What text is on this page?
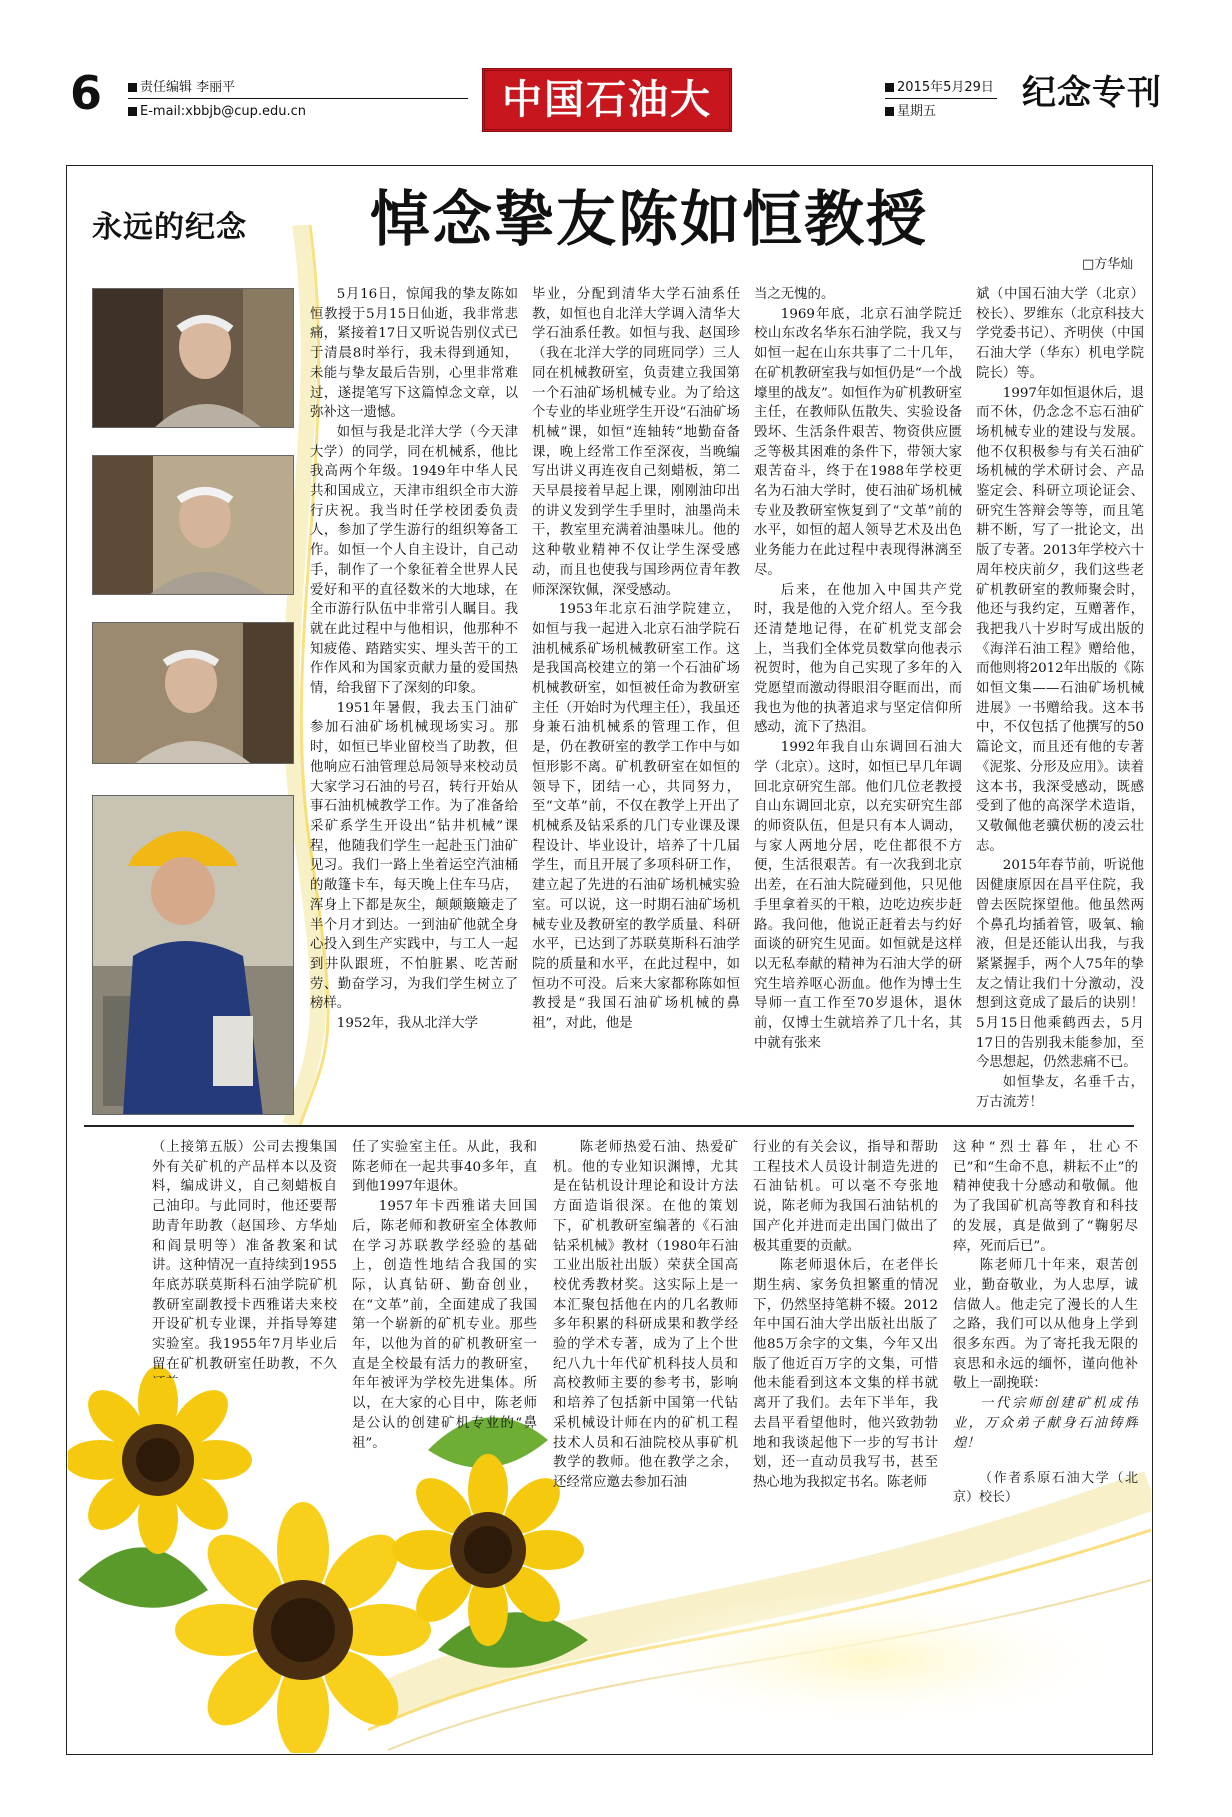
6	责任编辑 李丽平
E-mail:xbbjb@cup.edu.cn	中国石油大学
2015年5月29日
星期五	纪念专刊
永远的纪念 悼念挚友陈如恒教授
□方华灿

5月16日，惊闻我的挚友陈如恒教授于5月15日仙逝，我非常悲痛，紧接着17日又听说告别仪式已于清晨8时举行，我未得到通知，未能与挚友最后告别，心里非常难过，遂提笔写下这篇悼念文章，以弥补这一遗憾。

如恒与我是北洋大学（今天津大学）的同学，同在机械系，他比我高两个年级。1949年中华人民共和国成立，天津市组织全市大游行庆祝。我当时任学校团委负责人，参加了学生游行的组织筹备工作。如恒一个人自主设计，自己动手，制作了一个象征着全世界人民爱好和平的直径数米的大地球，在全市游行队伍中非常引人瞩目。我就在此过程中与他相识，他那种不知疲倦、踏踏实实、埋头苦干的工作作风和为国家贡献力量的爱国热情，给我留下了深刻的印象。

1951年暑假，我去玉门油矿参加石油矿场机械现场实习。那时，如恒已毕业留校当了助教，但他响应石油管理总局领导来校动员大家学习石油的号召，转行开始从事石油机械教学工作。为了准备给采矿系学生开设出“钻井机械”课程，他随我们学生一起赴玉门油矿见习。我们一路上坐着运空汽油桶的敞篷卡车，每天晚上住车马店，浑身上下都是灰尘，颠颠簸簸走了半个月才到达。一到油矿他就全身心投入到生产实践中，与工人一起到井队跟班，不怕脏累、吃苦耐劳、勤奋学习，为我们学生树立了榜样。

1952年，我从北洋大学

毕业，分配到清华大学石油系任教，如恒也自北洋大学调入清华大学石油系任教。如恒与我、赵国珍（我在北洋大学的同班同学）三人同在机械教研室，负责建立我国第一个石油矿场机械专业。为了给这个专业的毕业班学生开设“石油矿场机械”课，如恒“连轴转”地勤奋备课，晚上经常工作至深夜，当晚编写出讲义再连夜自己刻蜡板，第二天早晨接着早起上课，刚刚油印出的讲义发到学生手里时，油墨尚未干，教室里充满着油墨味儿。他的这种敬业精神不仅让学生深受感动，而且也使我与国珍两位青年教师深深钦佩，深受感动。

1953年北京石油学院建立，如恒与我一起进入北京石油学院石油机械系矿场机械教研室工作。这是我国高校建立的第一个石油矿场机械教研室，如恒被任命为教研室主任（开始时为代理主任），我虽还身兼石油机械系的管理工作，但是，仍在教研室的教学工作中与如恒形影不离。矿机教研室在如恒的领导下，团结一心，共同努力，至“文革”前，不仅在教学上开出了机械系及钻采系的几门专业课及课程设计、毕业设计，培养了十几届学生，而且开展了多项科研工作，建立起了先进的石油矿场机械实验室。可以说，这一时期石油矿场机械专业及教研室的教学质量、科研水平，已达到了苏联莫斯科石油学院的质量和水平，在此过程中，如恒功不可没。后来大家都称陈如恒教授是“我国石油矿场机械的鼻祖”，对此，他是

当之无愧的。

1969年底，北京石油学院迁校山东改名华东石油学院，我又与如恒一起在山东共事了二十几年，在矿机教研室我与如恒仍是“一个战壕里的战友”。如恒作为矿机教研室主任，在教师队伍散失、实验设备毁坏、生活条件艰苦、物资供应匮乏等极其困难的条件下，带领大家艰苦奋斗，终于在1988年学校更名为石油大学时，使石油矿场机械专业及教研室恢复到了“文革”前的水平，如恒的超人领导艺术及出色业务能力在此过程中表现得淋漓至尽。

后来，在他加入中国共产党时，我是他的入党介绍人。至今我还清楚地记得，在矿机党支部会上，当我们全体党员数掌向他表示祝贺时，他为自己实现了多年的入党愿望而激动得眼泪夺眶而出，而我也为他的执著追求与坚定信仰所感动，流下了热泪。

1992年我自山东调回石油大学（北京）。这时，如恒已早几年调回北京研究生部。他们几位老教授自山东调回北京，以充实研究生部的师资队伍，但是只有本人调动，与家人两地分居，吃住都很不方便，生活很艰苦。有一次我到北京出差，在石油大院碰到他，只见他手里拿着买的干粮，边吃边疾步赶路。我问他，他说正赶着去与约好面谈的研究生见面。如恒就是这样以无私奉献的精神为石油大学的研究生培养呕心沥血。他作为博士生导师一直工作至70岁退休，退休前，仅博士生就培养了几十名，其中就有张来

斌（中国石油大学（北京）校长）、罗维东（北京科技大学党委书记）、齐明侠（中国石油大学（华东）机电学院院长）等。

1997年如恒退休后，退而不休，仍念念不忘石油矿场机械专业的建设与发展。他不仅积极参与有关石油矿场机械的学术研讨会、产品鉴定会、科研立项论证会、研究生答辩会等等，而且笔耕不断，写了一批论文，出版了专著。2013年学校六十周年校庆前夕，我们这些老矿机教研室的教师聚会时，他还与我约定，互赠著作，我把我八十岁时写成出版的《海洋石油工程》赠给他，而他则将2012年出版的《陈如恒文集——石油矿场机械进展》一书赠给我。这本书中，不仅包括了他撰写的50篇论文，而且还有他的专著《泥浆、分形及应用》。读着这本书，我深受感动，既感受到了他的高深学术造诣，又敬佩他老骥伏枥的凌云壮志。

2015年春节前，听说他因健康原因在昌平住院，我曾去医院探望他。他虽然两个鼻孔均插着管，吸氧、输液，但是还能认出我，与我紧紧握手，两个人75年的挚友之情让我们十分激动，没想到这竟成了最后的诀别！5月15日他乘鹤西去，5月17日的告别我未能参加，至今思想起，仍然悲痛不已。

如恒挚友，名垂千古，万古流芳！

（上接第五版）公司去搜集国外有关矿机的产品样本以及资料，编成讲义，自己刻蜡板自己油印。与此同时，他还要帮助青年助教（赵国珍、方华灿和阎景明等）准备教案和试讲。这种情况一直持续到1955年底苏联莫斯科石油学院矿机教研室副教授卡西雅诺夫来校开设矿机专业课，并指导筹建实验室。我1955年7月毕业后留在矿机教研室任助教，不久

任了实验室主任。从此，我和陈老师在一起共事40多年，直到他1997年退休。

1957年卡西雅诺夫回国后，陈老师和教研室全体教师在学习苏联教学经验的基础上，创造性地结合我国的实际，认真钻研、勤奋创业，在“文革”前，全面建成了我国第一个崭新的矿机专业。那些年，以他为首的矿机教研室一直是全校最有活力的教研室，年年被评为学校先进集体。所以，在大家的心目中，陈老师是公认的创建矿机专业的“鼻祖”。

陈老师热爱石油、热爱矿机。他的专业知识渊博，尤其是在钻机设计理论和设计方法方面造诣很深。在他的策划下，矿机教研室编著的《石油钻采机械》教材（1980年石油工业出版社出版）荣获全国高校优秀教材奖。这实际上是一本汇聚包括他在内的几名教师多年积累的科研成果和教学经验的学术专著，成为了上个世纪八九十年代矿机科技人员和高校教师主要的参考书，影响和培养了包括新中国第一代钻采机械设计师在内的矿机工程技术人员和石油院校从事矿机教学的教师。他在教学之余，还经常应邀去参加石油

行业的有关会议，指导和帮助工程技术人员设计制造先进的石油钻机。可以毫不夸张地说，陈老师为我国石油钻机的国产化并进而走出国门做出了极其重要的贡献。

陈老师退休后，在老伴长期生病、家务负担繁重的情况下，仍然坚持笔耕不辍。2012年中国石油大学出版社出版了他85万余字的文集，今年又出版了他近百万字的文集，可惜他未能看到这本文集的样书就离开了我们。去年下半年，我去昌平看望他时，他兴致勃勃地和我谈起他下一步的写书计划，还一直动员我写书，甚至热心地为我拟定书名。陈老师

这种“烈士暮年，壮心不已”和“生命不息，耕耘不止”的精神使我十分感动和敬佩。他为了我国矿机高等教育和科技的发展，真是做到了“鞠躬尽瘁，死而后已”。

陈老师几十年来，艰苦创业，勤奋敬业，为人忠厚，诚信做人。他走完了漫长的人生之路，我们可以从他身上学到很多东西。为了寄托我无限的哀思和永远的缅怀，谨向他补敬上一副挽联：

一代宗师创建矿机成伟业，万众弟子献身石油铸辉煌！

（作者系原石油大学（北京）校长）
